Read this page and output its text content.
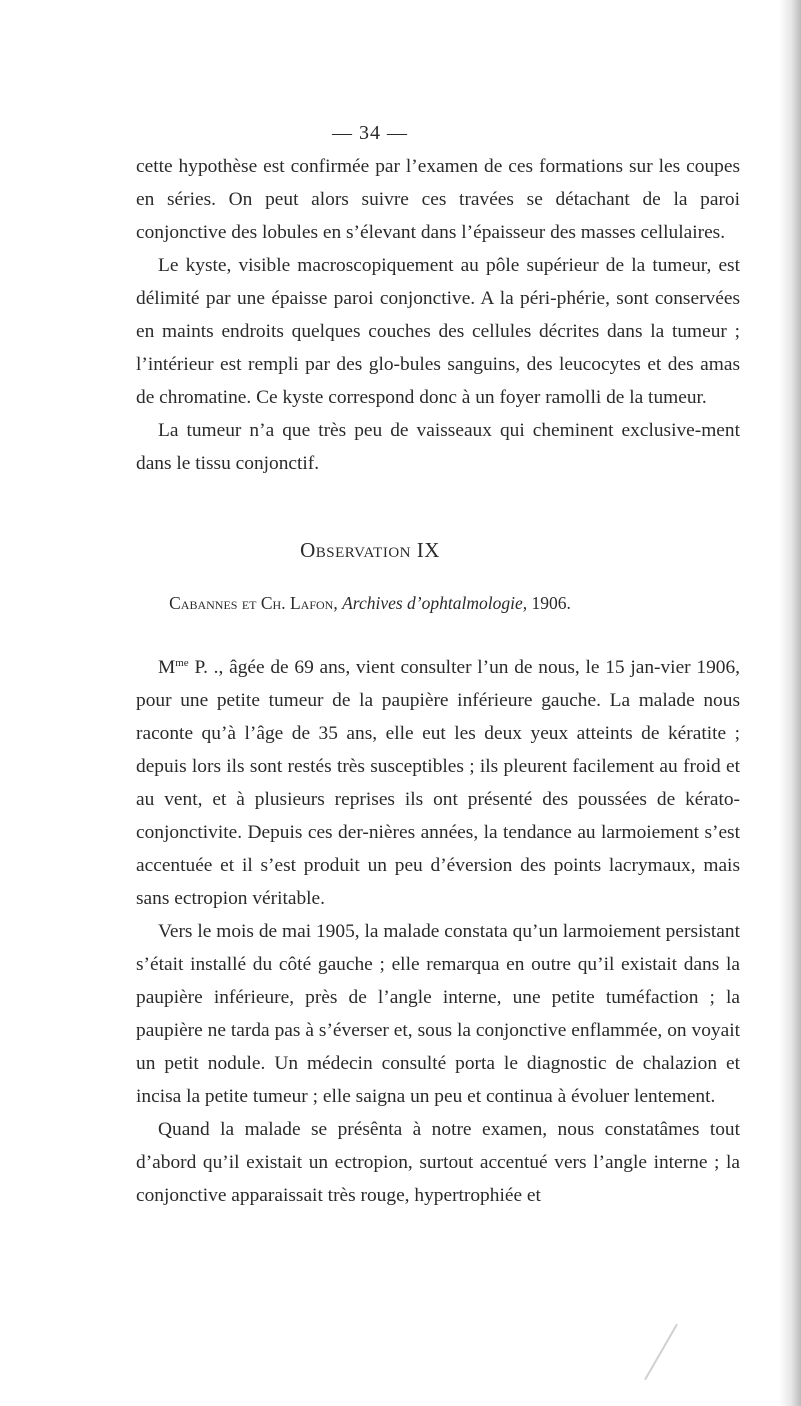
— 34 —

cette hypothèse est confirmée par l’examen de ces formations sur les coupes en séries. On peut alors suivre ces travées se détachant de la paroi conjonctive des lobules en s’élevant dans l’épaisseur des masses cellulaires.

Le kyste, visible macroscopiquement au pôle supérieur de la tumeur, est délimité par une épaisse paroi conjonctive. A la péri-phérie, sont conservées en maints endroits quelques couches des cellules décrites dans la tumeur ; l’intérieur est rempli par des glo-bules sanguins, des leucocytes et des amas de chromatine. Ce kyste correspond donc à un foyer ramolli de la tumeur.

La tumeur n’a que très peu de vaisseaux qui cheminent exclusive-ment dans le tissu conjonctif.

Observation IX
Cabannes et Ch. Lafon, Archives d’ophtalmologie, 1906.

$M^{me}$ P. ., âgée de 69 ans, vient consulter l’un de nous, le 15 jan-vier 1906, pour une petite tumeur de la paupière inférieure gauche. La malade nous raconte qu’à l’âge de 35 ans, elle eut les deux yeux atteints de kératite ; depuis lors ils sont restés très susceptibles ; ils pleurent facilement au froid et au vent, et à plusieurs reprises ils ont présenté des poussées de kérato-conjonctivite. Depuis ces der-nières années, la tendance au larmoiement s’est accentuée et il s’est produit un peu d’éversion des points lacrymaux, mais sans ectropion véritable.

Vers le mois de mai 1905, la malade constata qu’un larmoiement persistant s’était installé du côté gauche ; elle remarqua en outre qu’il existait dans la paupière inférieure, près de l’angle interne, une petite tuméfaction ; la paupière ne tarda pas à s’éverser et, sous la conjonctive enflammée, on voyait un petit nodule. Un médecin consulté porta le diagnostic de chalazion et incisa la petite tumeur ; elle saigna un peu et continua à évoluer lentement.

Quand la malade se présênta à notre examen, nous constatâmes tout d’abord qu’il existait un ectropion, surtout accentué vers l’angle interne ; la conjonctive apparaissait très rouge, hypertrophiée et
